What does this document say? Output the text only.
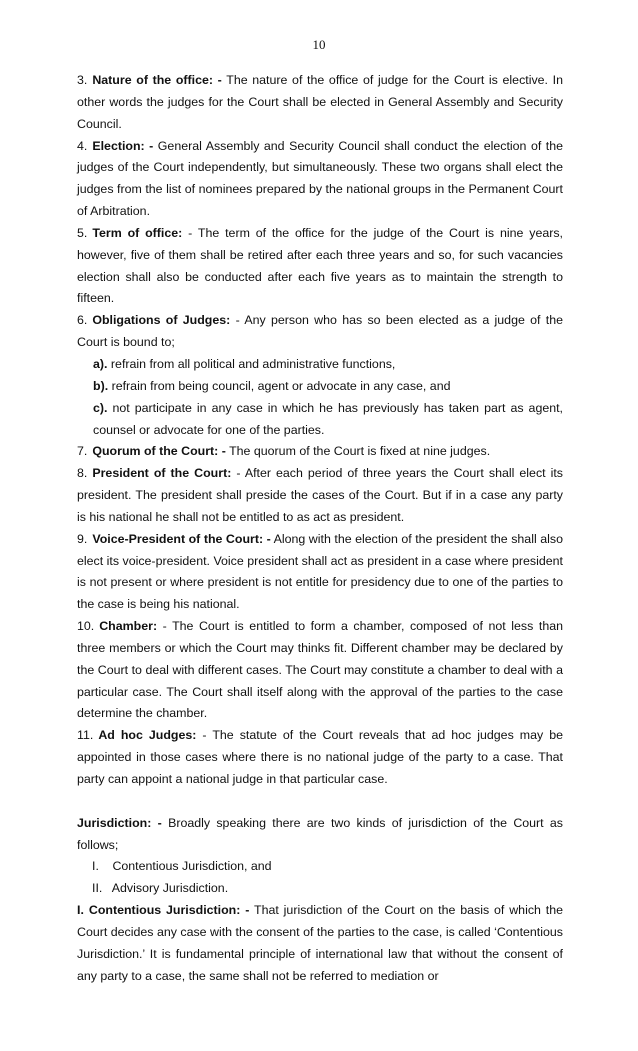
10

3. Nature of the office: - The nature of the office of judge for the Court is elective. In other words the judges for the Court shall be elected in General Assembly and Security Council.

4. Election: - General Assembly and Security Council shall conduct the election of the judges of the Court independently, but simultaneously. These two organs shall elect the judges from the list of nominees prepared by the national groups in the Permanent Court of Arbitration.

5. Term of office: - The term of the office for the judge of the Court is nine years, however, five of them shall be retired after each three years and so, for such vacancies election shall also be conducted after each five years as to maintain the strength to fifteen.

6. Obligations of Judges: - Any person who has so been elected as a judge of the Court is bound to;

a). refrain from all political and administrative functions,

b). refrain from being council, agent or advocate in any case, and

c). not participate in any case in which he has previously has taken part as agent, counsel or advocate for one of the parties.

7. Quorum of the Court: - The quorum of the Court is fixed at nine judges.

8. President of the Court: - After each period of three years the Court shall elect its president. The president shall preside the cases of the Court. But if in a case any party is his national he shall not be entitled to as act as president.

9. Voice-President of the Court: - Along with the election of the president the shall also elect its voice-president. Voice president shall act as president in a case where president is not present or where president is not entitle for presidency due to one of the parties to the case is being his national.

10. Chamber: - The Court is entitled to form a chamber, composed of not less than three members or which the Court may thinks fit. Different chamber may be declared by the Court to deal with different cases. The Court may constitute a chamber to deal with a particular case. The Court shall itself along with the approval of the parties to the case determine the chamber.

11. Ad hoc Judges: - The statute of the Court reveals that ad hoc judges may be appointed in those cases where there is no national judge of the party to a case. That party can appoint a national judge in that particular case.

Jurisdiction: - Broadly speaking there are two kinds of jurisdiction of the Court as follows;

I. Contentious Jurisdiction, and

II. Advisory Jurisdiction.

I. Contentious Jurisdiction: - That jurisdiction of the Court on the basis of which the Court decides any case with the consent of the parties to the case, is called ‘Contentious Jurisdiction.’ It is fundamental principle of international law that without the consent of any party to a case, the same shall not be referred to mediation or
